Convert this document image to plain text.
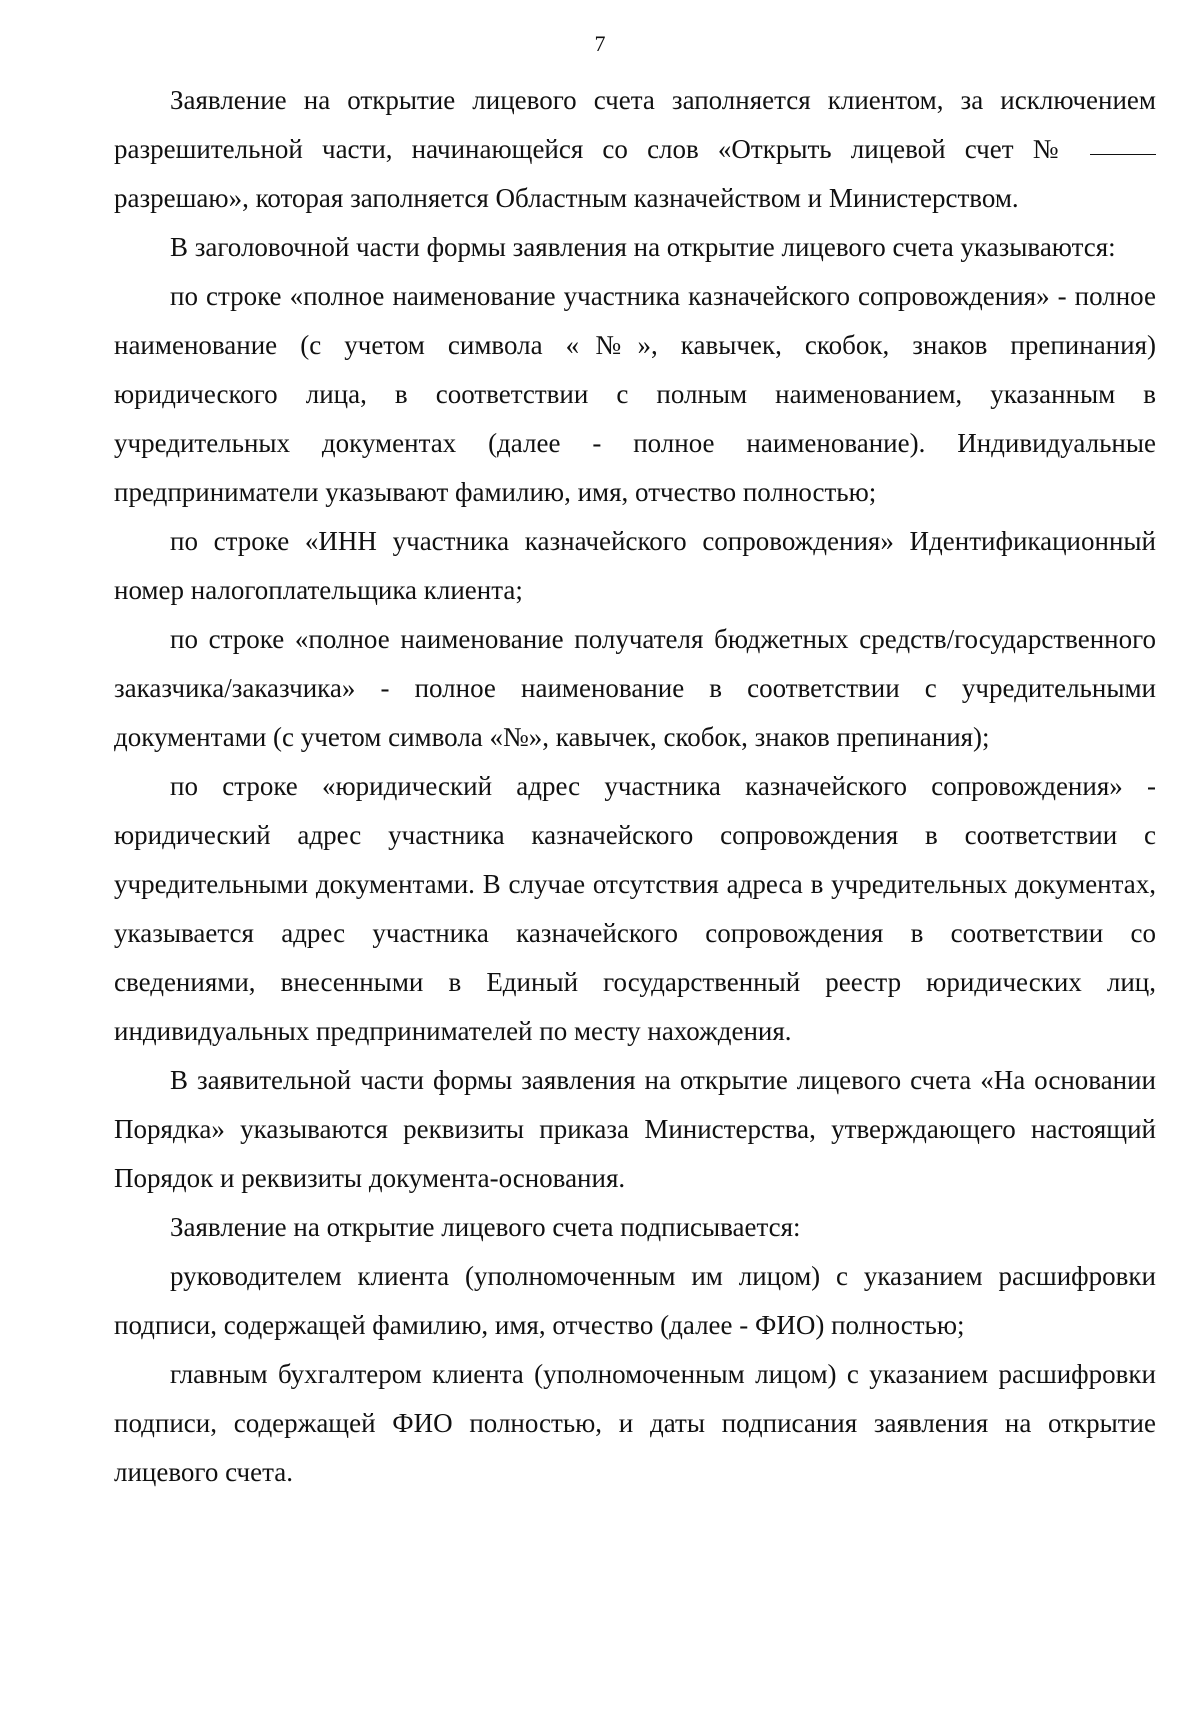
7

Заявление на открытие лицевого счета заполняется клиентом, за исключением разрешительной части, начинающейся со слов «Открыть лицевой счет №  разрешаю», которая заполняется Областным казначейством и Министерством.

В заголовочной части формы заявления на открытие лицевого счета указываются:

по строке «полное наименование участника казначейского сопровождения» - полное наименование (с учетом символа «№», кавычек, скобок, знаков препинания) юридического лица, в соответствии с полным наименованием, указанным в учредительных документах (далее - полное наименование). Индивидуальные предприниматели указывают фамилию, имя, отчество полностью;

по строке «ИНН участника казначейского сопровождения» Идентификационный номер налогоплательщика клиента;

по строке «полное наименование получателя бюджетных средств/государственного заказчика/заказчика» - полное наименование в соответствии с учредительными документами (с учетом символа «№», кавычек, скобок, знаков препинания);

по строке «юридический адрес участника казначейского сопровождения» - юридический адрес участника казначейского сопровождения в соответствии с учредительными документами. В случае отсутствия адреса в учредительных документах, указывается адрес участника казначейского сопровождения в соответствии со сведениями, внесенными в Единый государственный реестр юридических лиц, индивидуальных предпринимателей по месту нахождения.

В заявительной части формы заявления на открытие лицевого счета «На основании Порядка» указываются реквизиты приказа Министерства, утверждающего настоящий Порядок и реквизиты документа-основания.

Заявление на открытие лицевого счета подписывается:

руководителем клиента (уполномоченным им лицом) с указанием расшифровки подписи, содержащей фамилию, имя, отчество (далее - ФИО) полностью;

главным бухгалтером клиента (уполномоченным лицом) с указанием расшифровки подписи, содержащей ФИО полностью, и даты подписания заявления на открытие лицевого счета.
